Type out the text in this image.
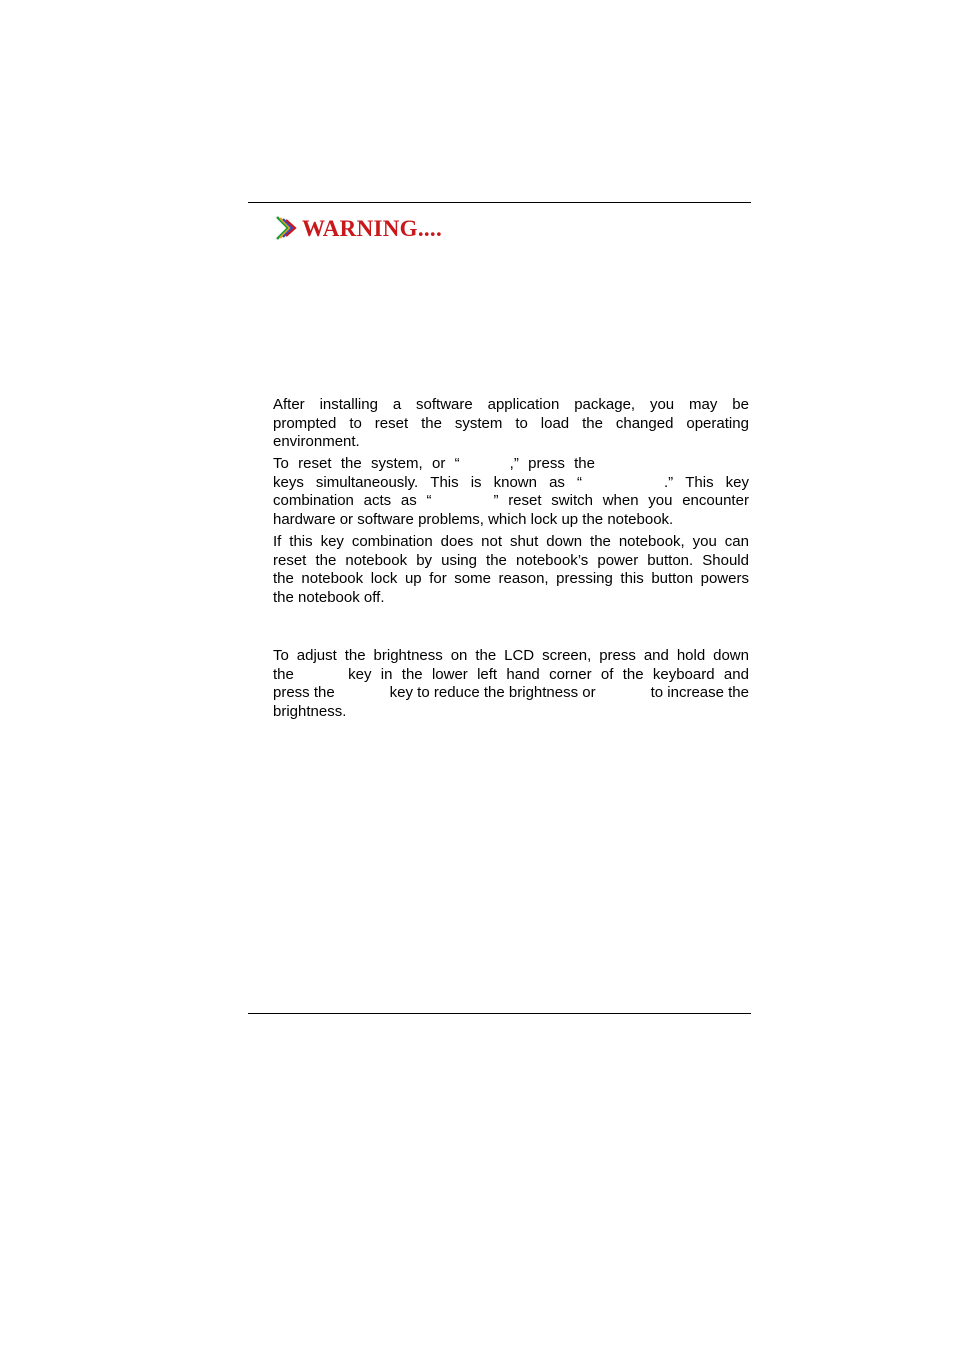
WARNING....
After installing a software application package, you may be
prompted to reset the system to load the changed operating
environment.
To reset the system, or “	,” press the
keys simultaneously. This is known as “	.” This key
combination acts as “	” reset switch when you encounter
hardware or software problems, which lock up the notebook.
If this key combination does not shut down the notebook, you can
reset the notebook by using the notebook’s power button. Should
the notebook lock up for some reason, pressing this button powers
the notebook off.
To adjust the brightness on the LCD screen, press and hold down
the	key in the lower left hand corner of the keyboard and
press the	key to reduce the brightness or	to increase the
brightness.
